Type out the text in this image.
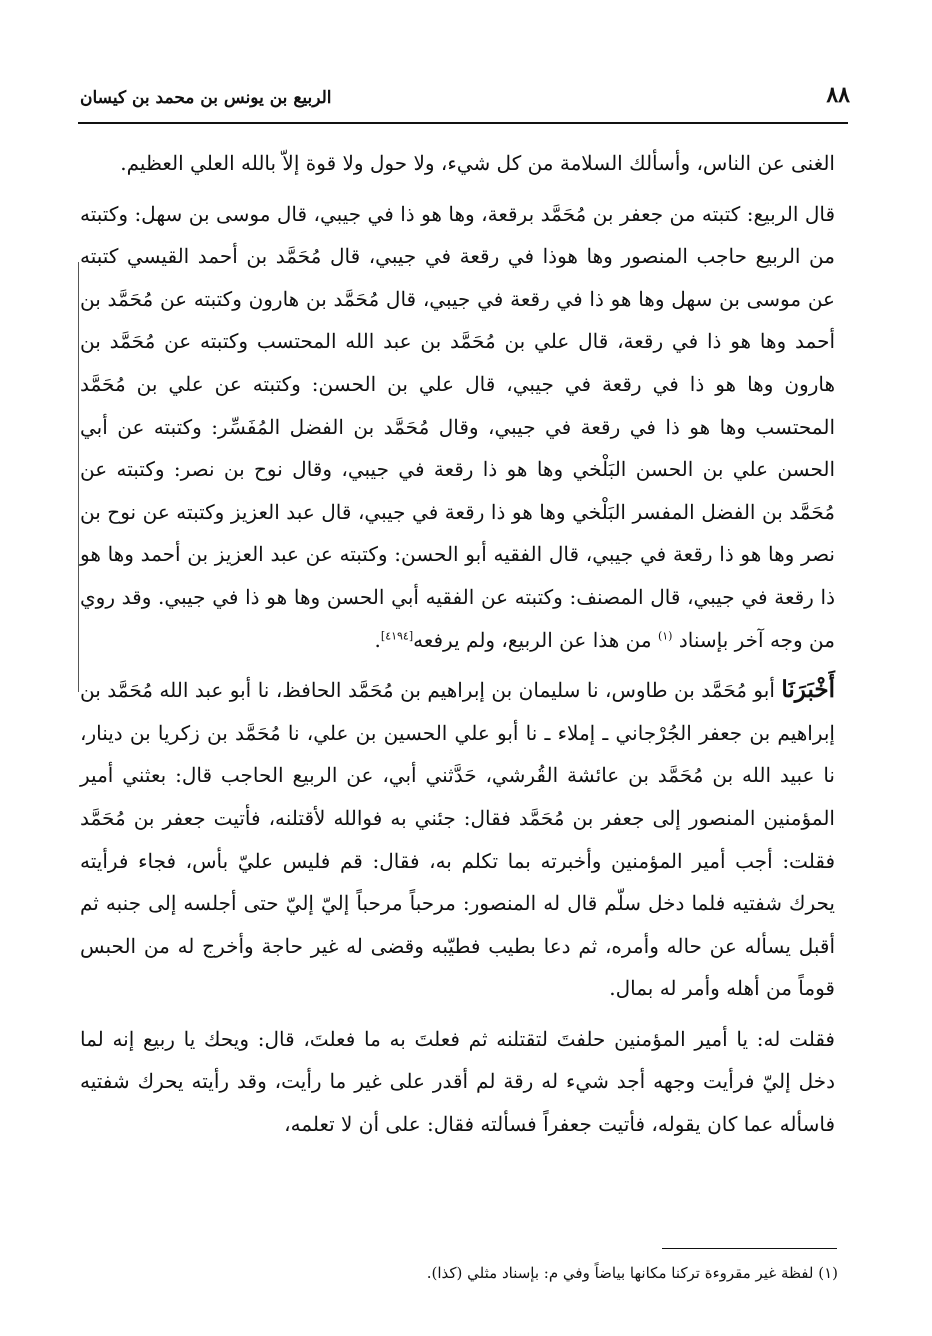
٨٨
الربيع بن يونس بن محمد بن كيسان

الغنى عن الناس، وأسألك السلامة من كل شيء، ولا حول ولا قوة إلاّ بالله العلي العظيم.

قال الربيع: كتبته من جعفر بن مُحَمَّد برقعة، وها هو ذا في جيبي، قال موسى بن سهل: وكتبته من الربيع حاجب المنصور وها هوذا في رقعة في جيبي، قال مُحَمَّد بن أحمد القيسي كتبته عن موسى بن سهل وها هو ذا في رقعة في جيبي، قال مُحَمَّد بن هارون وكتبته عن مُحَمَّد بن أحمد وها هو ذا في رقعة، قال علي بن مُحَمَّد بن عبد الله المحتسب وكتبته عن مُحَمَّد بن هارون وها هو ذا في رقعة في جيبي، قال علي بن الحسن: وكتبته عن علي بن مُحَمَّد المحتسب وها هو ذا في رقعة في جيبي، وقال مُحَمَّد بن الفضل المُفَسِّر: وكتبته عن أبي الحسن علي بن الحسن البَلْخي وها هو ذا رقعة في جيبي، وقال نوح بن نصر: وكتبته عن مُحَمَّد بن الفضل المفسر البَلْخي وها هو ذا رقعة في جيبي، قال عبد العزيز وكتبته عن نوح بن نصر وها هو ذا رقعة في جيبي، قال الفقيه أبو الحسن: وكتبته عن عبد العزيز بن أحمد وها هو ذا رقعة في جيبي، قال المصنف: وكتبته عن الفقيه أبي الحسن وها هو ذا في جيبي. وقد روي من وجه آخر بإسناد $^{(١)}$ من هذا عن الربيع، ولم يرفعه[٤١٩٤].

أَخْبَرَنَا أبو مُحَمَّد بن طاوس، نا سليمان بن إبراهيم بن مُحَمَّد الحافظ، نا أبو عبد الله مُحَمَّد بن إبراهيم بن جعفر الجُرْجاني ـ إملاء ـ نا أبو علي الحسين بن علي، نا مُحَمَّد بن زكريا بن دينار، نا عبيد الله بن مُحَمَّد بن عائشة القُرشي، حَدَّثني أبي، عن الربيع الحاجب قال: بعثني أمير المؤمنين المنصور إلى جعفر بن مُحَمَّد فقال: جئني به فوالله لأقتلنه، فأتيت جعفر بن مُحَمَّد فقلت: أجب أمير المؤمنين وأخبرته بما تكلم به، فقال: قم فليس عليّ بأس، فجاء فرأيته يحرك شفتيه فلما دخل سلّم قال له المنصور: مرحباً مرحباً إليّ إليّ حتى أجلسه إلى جنبه ثم أقبل يسأله عن حاله وأمره، ثم دعا بطيب فطيّبه وقضى له غير حاجة وأخرج له من الحبس قوماً من أهله وأمر له بمال.

فقلت له: يا أمير المؤمنين حلفتَ لتقتلنه ثم فعلتَ به ما فعلتَ، قال: ويحك يا ربيع إنه لما دخل إليّ فرأيت وجهه أجد شيء له رقة لم أقدر على غير ما رأيت، وقد رأيته يحرك شفتيه فاسأله عما كان يقوله، فأتيت جعفراً فسألته فقال: على أن لا تعلمه،

(١) لفظة غير مقروءة تركنا مكانها بياضاً وفي م: بإسناد مثلي (كذا).
